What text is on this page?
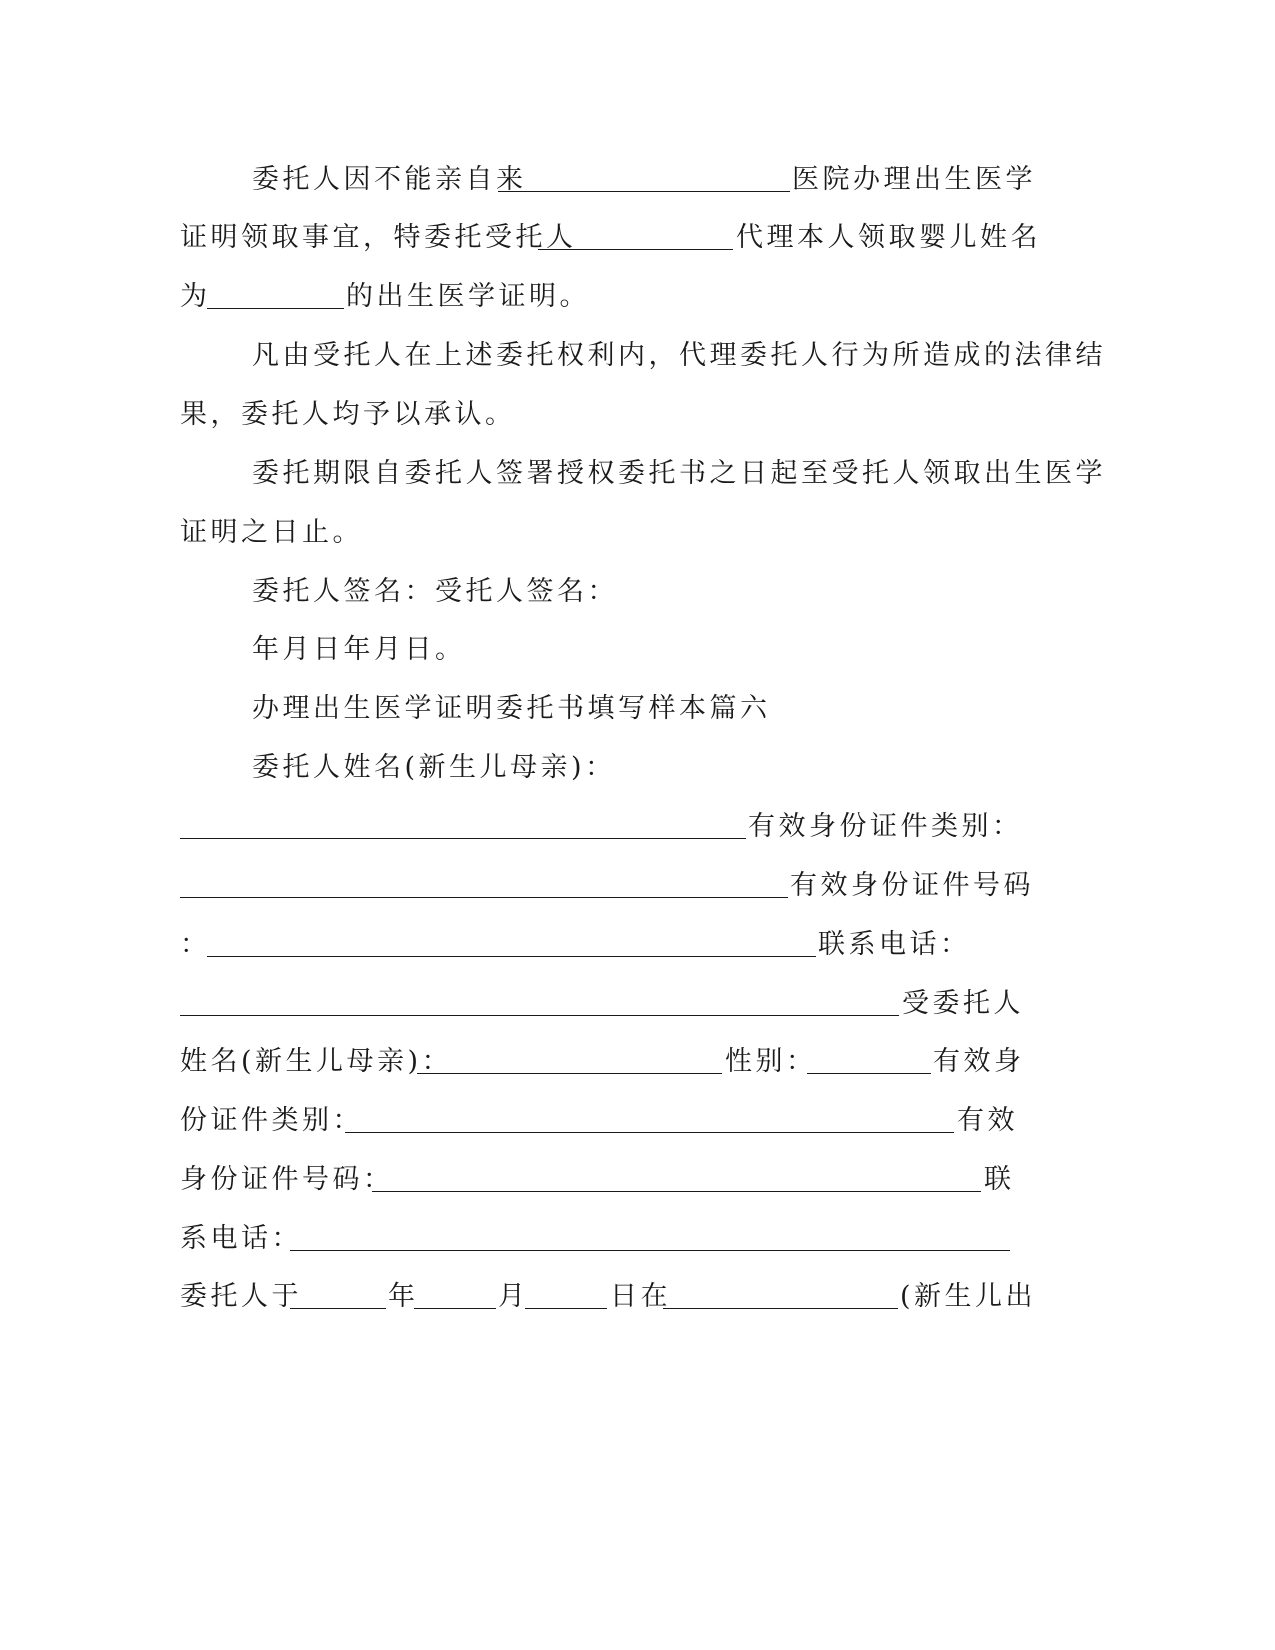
委托人因不能亲自来	医院办理出生医学
证明领取事宜，特委托受托人	代理本人领取婴儿姓名
为	的出生医学证明。
凡由受托人在上述委托权利内，代理委托人行为所造成的法律结
果，委托人均予以承认。
委托期限自委托人签署授权委托书之日起至受托人领取出生医学
证明之日止。
委托人签名：受托人签名：
年月日年月日。
办理出生医学证明委托书填写样本篇六
委托人姓名(新生儿母亲)：
有效身份证件类别：
有效身份证件号码
：	联系电话：
受委托人
姓名(新生儿母亲)：	性别：	有效身
份证件类别：	有效
身份证件号码：	联
系电话：
委托人于	年	月	日在	(新生儿出
